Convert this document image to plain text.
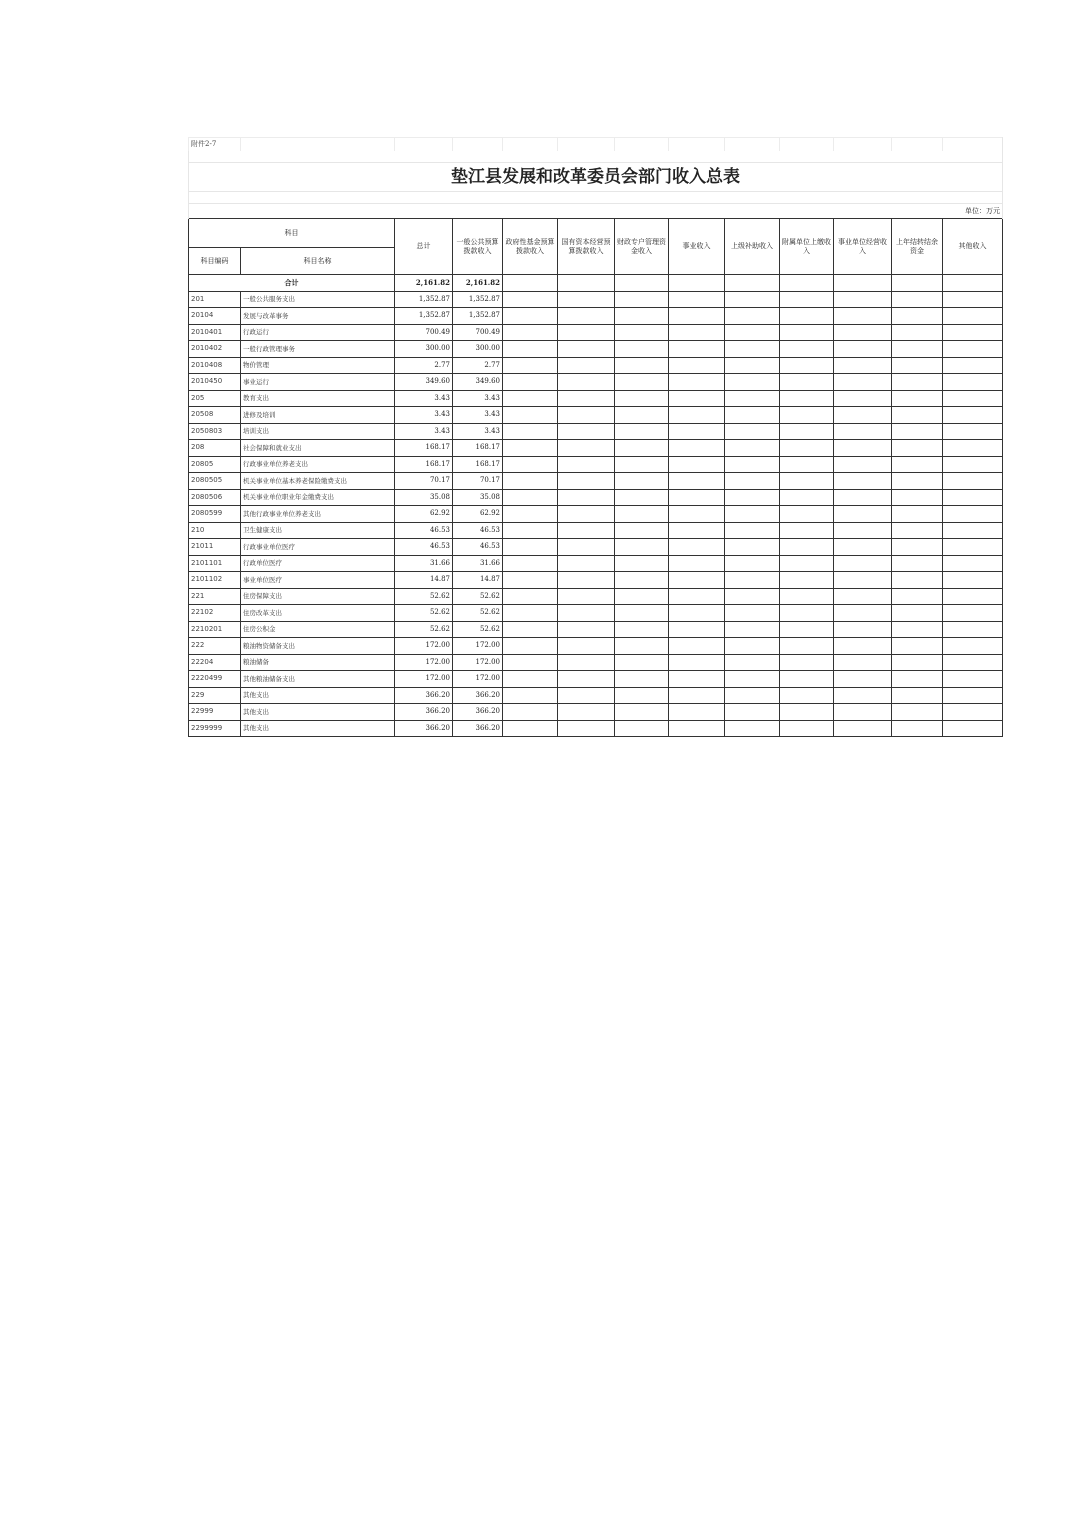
附件2-7												

垫江县发展和改革委员会部门收入总表												

单位：万元												
科目		总计	一般公共预算拨款收入	政府性基金预算拨款收入	国有资本经营预算拨款收入	财政专户管理资金收入	事业收入	上级补助收入	附属单位上缴收入	事业单位经营收入	上年结转结余资金	其他收入
科目编码	科目名称											
合计		2,161.82	2,161.82									
201	一般公共服务支出	1,352.87	1,352.87									
20104	发展与改革事务	1,352.87	1,352.87									
2010401	行政运行	700.49	700.49									
2010402	一般行政管理事务	300.00	300.00									
2010408	物价管理	2.77	2.77									
2010450	事业运行	349.60	349.60									
205	教育支出	3.43	3.43									
20508	进修及培训	3.43	3.43									
2050803	培训支出	3.43	3.43									
208	社会保障和就业支出	168.17	168.17									
20805	行政事业单位养老支出	168.17	168.17									
2080505	机关事业单位基本养老保险缴费支出	70.17	70.17									
2080506	机关事业单位职业年金缴费支出	35.08	35.08									
2080599	其他行政事业单位养老支出	62.92	62.92									
210	卫生健康支出	46.53	46.53									
21011	行政事业单位医疗	46.53	46.53									
2101101	行政单位医疗	31.66	31.66									
2101102	事业单位医疗	14.87	14.87									
221	住房保障支出	52.62	52.62									
22102	住房改革支出	52.62	52.62									
2210201	住房公积金	52.62	52.62									
222	粮油物资储备支出	172.00	172.00									
22204	粮油储备	172.00	172.00									
2220499	其他粮油储备支出	172.00	172.00									
229	其他支出	366.20	366.20									
22999	其他支出	366.20	366.20									
2299999	其他支出	366.20	366.20									
